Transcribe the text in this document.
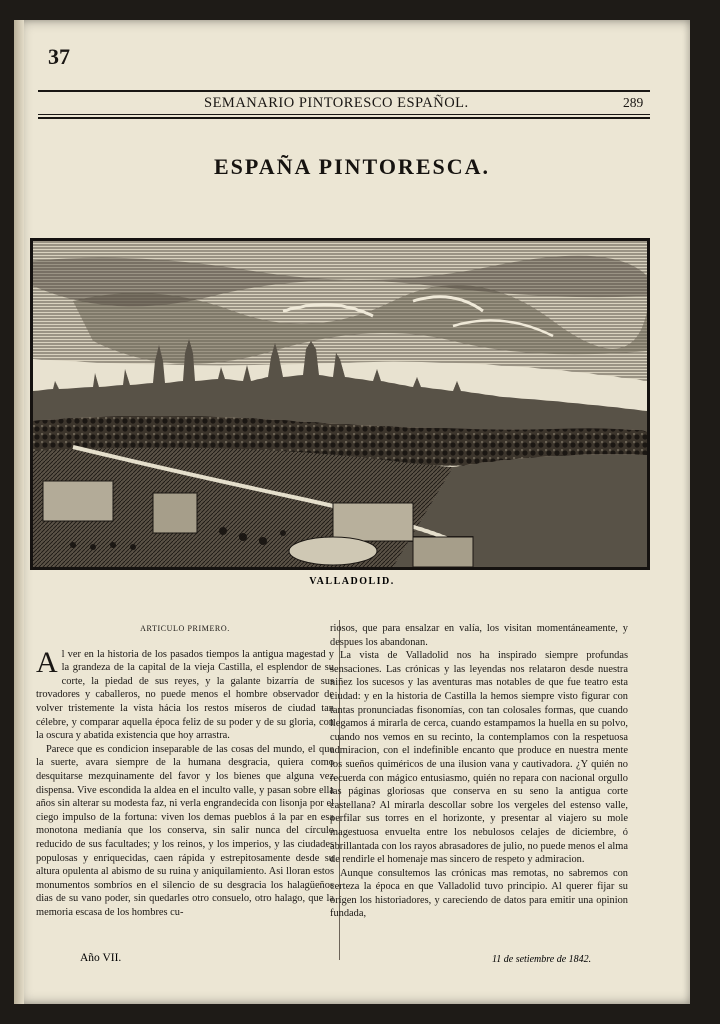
37
SEMANARIO PINTORESCO ESPAÑOL.	289
ESPAÑA PINTORESCA.
VALLADOLID.
ARTICULO PRIMERO.

Al ver en la historia de los pasados tiempos la antigua magestad y la grandeza de la capital de la vieja Castilla, el esplendor de su corte, la piedad de sus reyes, y la galante bizarría de sus trovadores y caballeros, no puede menos el hombre observador de volver tristemente la vista hácia los restos míseros de ciudad tan célebre, y comparar aquella época feliz de su poder y de su gloria, con la oscura y abatida existencia que hoy arrastra.

Parece que es condicion inseparable de las cosas del mundo, el que la suerte, avara siempre de la humana desgracia, quiera como desquitarse mezquinamente del favor y los bienes que alguna vez dispensa. Vive escondida la aldea en el inculto valle, y pasan sobre ella años sin alterar su modesta faz, ni verla engrandecida con lisonja por el ciego impulso de la fortuna: viven los demas pueblos á la par en esa monotona medianía que los conserva, sin salir nunca del círculo reducido de sus facultades; y los reinos, y los imperios, y las ciudades populosas y enriquecidas, caen rápida y estrepitosamente desde su altura opulenta al abismo de su ruina y aniquilamiento. Asi lloran estos monumentos sombríos en el silencio de su desgracia los halagüeños dias de su vano poder, sin quedarles otro consuelo, otro halago, que la memoria escasa de los hombres cu-

riosos, que para ensalzar en valía, los visitan momentáneamente, y despues los abandonan.

La vista de Valladolid nos ha inspirado siempre profundas sensaciones. Las crónicas y las leyendas nos relataron desde nuestra niñez los sucesos y las aventuras mas notables de que fue teatro esta ciudad: y en la historia de Castilla la hemos siempre visto figurar con tantas pronunciadas fisonomías, con tan colosales formas, que cuando llegamos á mirarla de cerca, cuando estampamos la huella en su polvo, cuando nos vemos en su recinto, la contemplamos con la respetuosa admiracion, con el indefinible encanto que produce en nuestra mente los sueños quiméricos de una ilusion vana y cautivadora. ¿Y quién no recuerda con mágico entusiasmo, quién no repara con nacional orgullo las páginas gloriosas que conserva en su seno la antigua corte castellana? Al mirarla descollar sobre los vergeles del estenso valle, perfilar sus torres en el horizonte, y presentar al viajero su mole magestuosa envuelta entre los nebulosos celajes de diciembre, ó abrillantada con los rayos abrasadores de julio, no puede menos el alma de rendirle el homenaje mas sincero de respeto y admiracion.

Aunque consultemos las crónicas mas remotas, no sabremos con certeza la época en que Valladolid tuvo principio. Al querer fijar su orígen los historiadores, y careciendo de datos para emitir una opinion fundada,

Año VII.	11 de setiembre de 1842.
